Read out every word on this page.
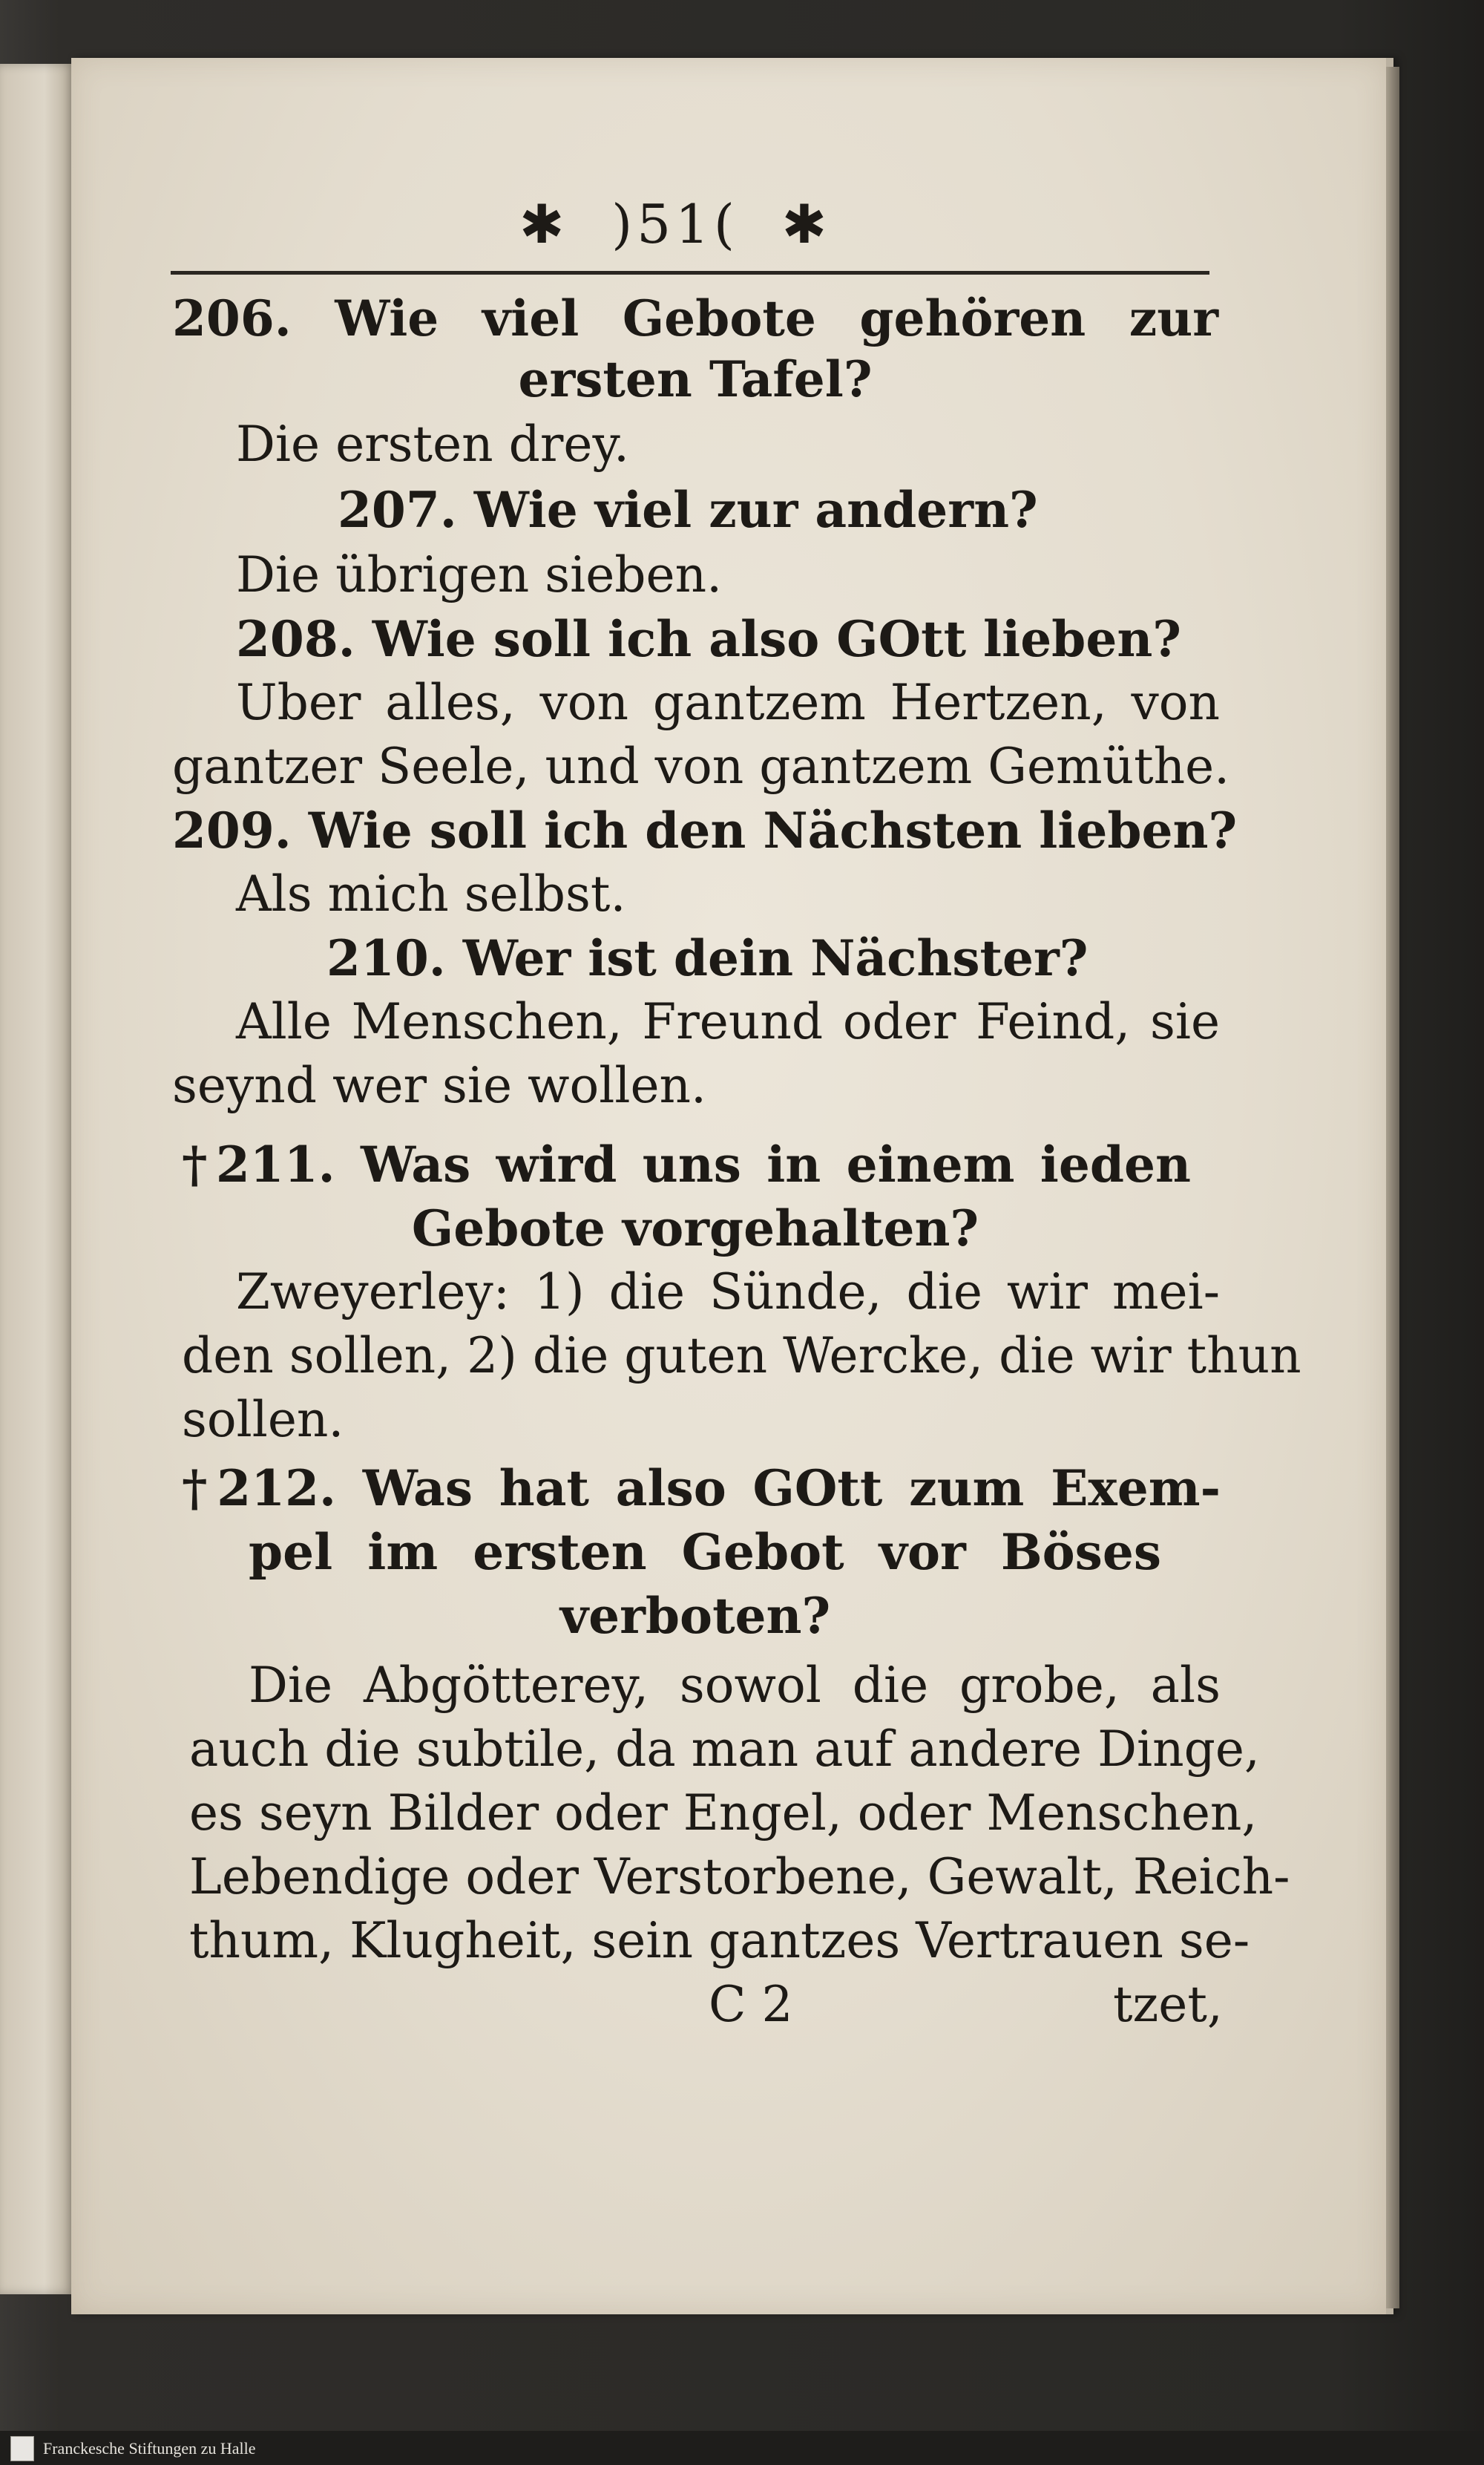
✱  )51(  ✱
206. Wie viel Gebote gehören zur
ersten Tafel?
Die ersten drey.
207. Wie viel zur andern?
Die übrigen sieben.
208. Wie soll ich also GOtt lieben?
Uber alles, von gantzem Hertzen, von
gantzer Seele, und von gantzem Gemüthe.
209. Wie soll ich den Nächsten lieben?
Als mich selbst.
210. Wer ist dein Nächster?
Alle Menschen, Freund oder Feind, sie
seynd wer sie wollen.
†211. Was wird uns in einem ieden
Gebote vorgehalten?
Zweyerley: 1) die Sünde, die wir mei-
den sollen, 2) die guten Wercke, die wir thun
sollen.
†212. Was hat also GOtt zum Exem-
pel im ersten Gebot vor Böses
verboten?
Die Abgötterey, sowol die grobe, als
auch die subtile, da man auf andere Dinge,
es seyn Bilder oder Engel, oder Menschen,
Lebendige oder Verstorbene, Gewalt, Reich-
thum, Klugheit, sein gantzes Vertrauen se-
C 2	tzet,
Franckesche Stiftungen zu Halle
